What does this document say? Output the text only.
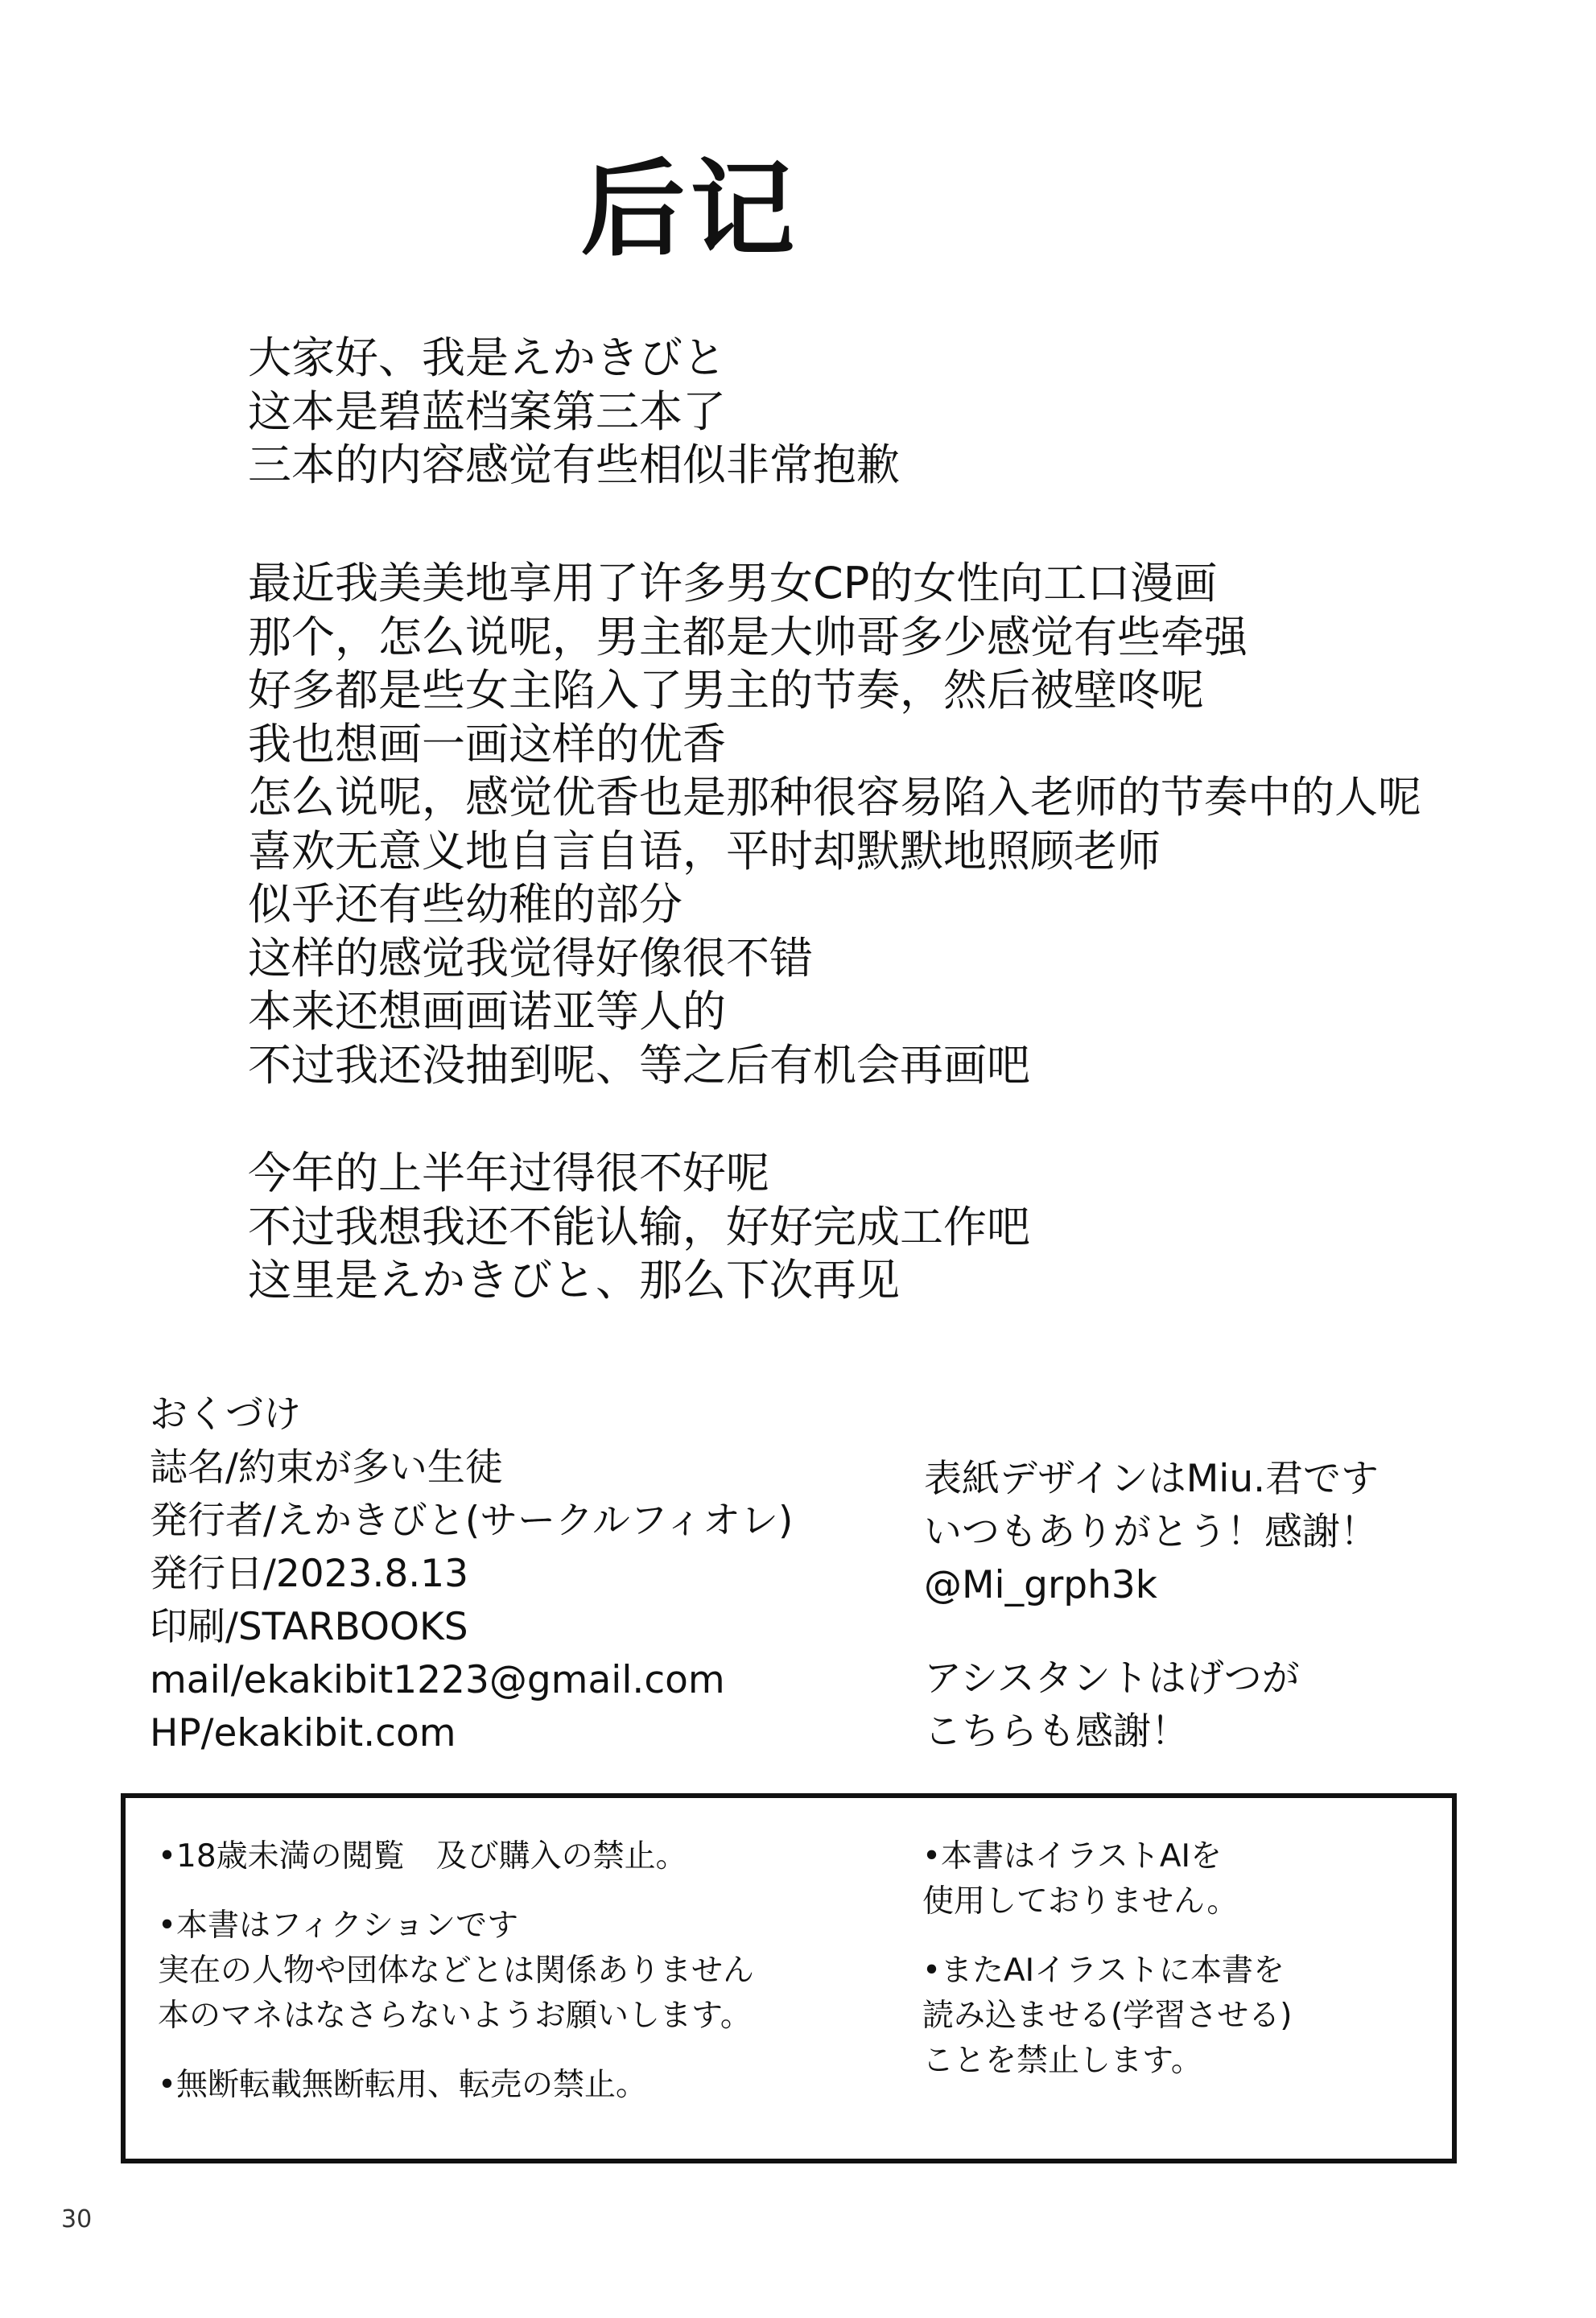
后记
大家好、我是えかきびと
这本是碧蓝档案第三本了
三本的内容感觉有些相似非常抱歉
最近我美美地享用了许多男女CP的女性向工口漫画
那个，怎么说呢，男主都是大帅哥多少感觉有些牵强
好多都是些女主陷入了男主的节奏，然后被壁咚呢
我也想画一画这样的优香
怎么说呢，感觉优香也是那种很容易陷入老师的节奏中的人呢
喜欢无意义地自言自语，平时却默默地照顾老师
似乎还有些幼稚的部分
这样的感觉我觉得好像很不错
本来还想画画诺亚等人的
不过我还没抽到呢、等之后有机会再画吧
今年的上半年过得很不好呢
不过我想我还不能认输，好好完成工作吧
这里是えかきびと、那么下次再见
おくづけ
誌名/約束が多い生徒
発行者/えかきびと(サークルフィオレ)
発行日/2023.8.13
印刷/STARBOOKS
mail/ekakibit1223@gmail.com
HP/ekakibit.com
表紙デザインはMiu.君です
いつもありがとう！感謝！
@Mi_grph3k
アシスタントはげつが
こちらも感謝！
•18歳未満の閲覧　及び購入の禁止。
•本書はフィクションです
実在の人物や団体などとは関係ありません
本のマネはなさらないようお願いします。
•無断転載無断転用、転売の禁止。
•本書はイラストAIを
使用しておりません。
•またAIイラストに本書を
読み込ませる(学習させる)
ことを禁止します。
30
